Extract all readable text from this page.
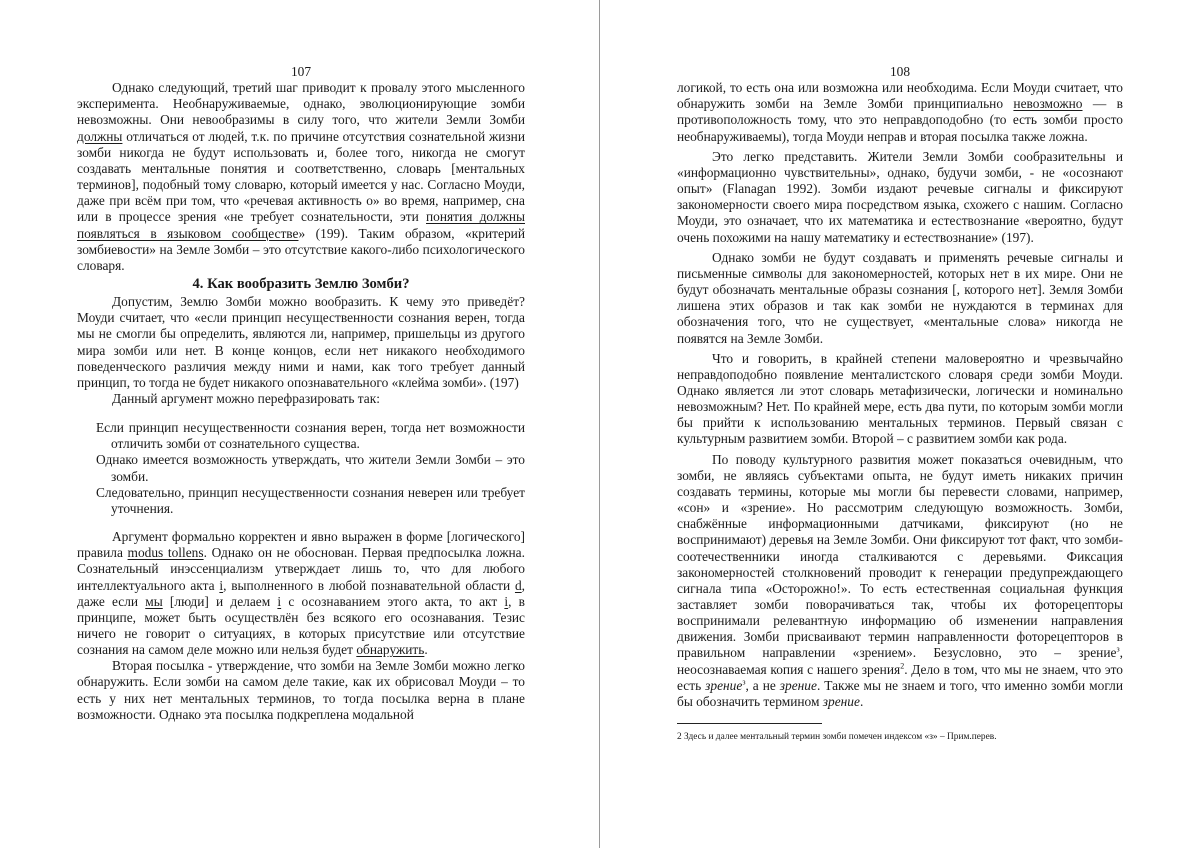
107

Однако следующий, третий шаг приводит к провалу этого мысленного эксперимента. Необнаруживаемые, однако, эволюционирующие зомби невозможны. Они невообразимы в силу того, что жители Земли Зомби должны отличаться от людей, т.к. по причине отсутствия сознательной жизни зомби никогда не будут использовать и, более того, никогда не смогут создавать ментальные понятия и соответственно, словарь [ментальных терминов], подобный тому словарю, который имеется у нас. Согласно Моуди, даже при всём при том, что «речевая активность о» во время, например, сна или в процессе зрения «не требует сознательности, эти понятия должны появляться в языковом сообществе» (199). Таким образом, «критерий зомбиевости» на Земле Зомби – это отсутствие какого-либо психологического словаря.

4. Как вообразить Землю Зомби?

Допустим, Землю Зомби можно вообразить. К чему это приведёт? Моуди считает, что «если принцип несущественности сознания верен, тогда мы не смогли бы определить, являются ли, например, пришельцы из другого мира зомби или нет. В конце концов, если нет никакого необходимого поведенческого различия между ними и нами, как того требует данный принцип, то тогда не будет никакого опознавательного «клейма зомби». (197)

Данный аргумент можно перефразировать так:

Если принцип несущественности сознания верен, тогда нет возможности отличить зомби от сознательного существа.

Однако имеется возможность утверждать, что жители Земли Зомби – это зомби.

Следовательно, принцип несущественности сознания неверен или требует уточнения.

Аргумент формально корректен и явно выражен в форме [логического] правила modus tollens. Однако он не обоснован. Первая предпосылка ложна. Сознательный инэссенциализм утверждает лишь то, что для любого интеллектуального акта i, выполненного в любой познавательной области d, даже если мы [люди] и делаем i с осознаванием этого акта, то акт i, в принципе, может быть осуществлён без всякого его осознавания. Тезис ничего не говорит о ситуациях, в которых присутствие или отсутствие сознания на самом деле можно или нельзя будет обнаружить.

Вторая посылка - утверждение, что зомби на Земле Зомби можно легко обнаружить. Если зомби на самом деле такие, как их обрисовал Моуди – то есть у них нет ментальных терминов, то тогда посылка верна в плане возможности. Однако эта посылка подкреплена модальной

108

логикой, то есть она или возможна или необходима. Если Моуди считает, что обнаружить зомби на Земле Зомби принципиально невозможно — в противоположность тому, что это неправдоподобно (то есть зомби просто необнаруживаемы), тогда Моуди неправ и вторая посылка также ложна.

Это легко представить. Жители Земли Зомби сообразительны и «информационно чувствительны», однако, будучи зомби, - не «осознают опыт» (Flanagan 1992). Зомби издают речевые сигналы и фиксируют закономерности своего мира посредством языка, схожего с нашим. Согласно Моуди, это означает, что их математика и естествознание «вероятно, будут очень похожими на нашу математику и естествознание» (197).

Однако зомби не будут создавать и применять речевые сигналы и письменные символы для закономерностей, которых нет в их мире. Они не будут обозначать ментальные образы сознания [, которого нет]. Земля Зомби лишена этих образов и так как зомби не нуждаются в терминах для обозначения того, что не существует, «ментальные слова» никогда не появятся на Земле Зомби.

Что и говорить, в крайней степени маловероятно и чрезвычайно неправдоподобно появление менталистского словаря среди зомби Моуди. Однако является ли этот словарь метафизически, логически и номинально невозможным? Нет. По крайней мере, есть два пути, по которым зомби могли бы прийти к использованию ментальных терминов. Первый связан с культурным развитием зомби. Второй – с развитием зомби как рода.

По поводу культурного развития может показаться очевидным, что зомби, не являясь субъектами опыта, не будут иметь никаких причин создавать термины, которые мы могли бы перевести словами, например, «сон» и «зрение». Но рассмотрим следующую возможность. Зомби, снабжённые информационными датчиками, фиксируют (но не воспринимают) деревья на Земле Зомби. Они фиксируют тот факт, что зомби-соотечественники иногда сталкиваются с деревьями. Фиксация закономерностей столкновений проводит к генерации предупреждающего сигнала типа «Осторожно!». То есть естественная социальная функция заставляет зомби поворачиваться так, чтобы их фоторецепторы воспринимали релевантную информацию об изменении направления движения. Зомби присваивают термин направленности фоторецепторов в правильном направлении «зрением». Безусловно, это – зрение$^з$, неосознаваемая копия с нашего зрения$^2$. Дело в том, что мы не знаем, что это есть зрение$^з$, а не зрение. Также мы не знаем и того, что именно зомби могли бы обозначить термином зрение.

2 Здесь и далее ментальный термин зомби помечен индексом «з» – Прим.перев.
